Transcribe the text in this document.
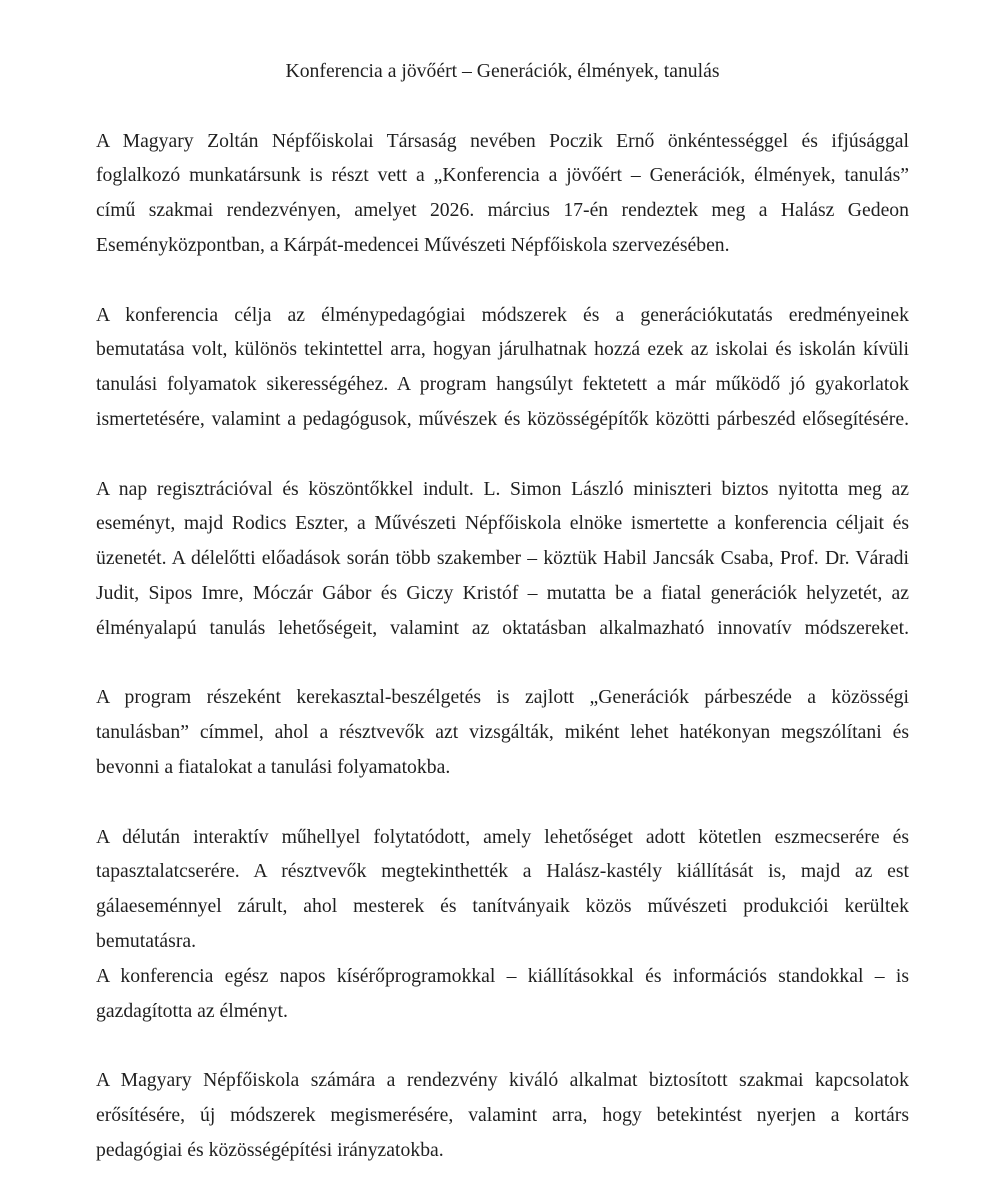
Konferencia a jövőért – Generációk, élmények, tanulás
A Magyary Zoltán Népfőiskolai Társaság nevében Poczik Ernő önkéntességgel és ifjúsággal
foglalkozó munkatársunk is részt vett a „Konferencia a jövőért – Generációk, élmények, tanulás”
című szakmai rendezvényen, amelyet 2026. március 17-én rendeztek meg a Halász Gedeon
Eseményközpontban, a Kárpát-medencei Művészeti Népfőiskola szervezésében.
A konferencia célja az élménypedagógiai módszerek és a generációkutatás eredményeinek
bemutatása volt, különös tekintettel arra, hogyan járulhatnak hozzá ezek az iskolai és iskolán kívüli
tanulási folyamatok sikerességéhez. A program hangsúlyt fektetett a már működő jó gyakorlatok
ismertetésére, valamint a pedagógusok, művészek és közösségépítők közötti párbeszéd elősegítésére.
A nap regisztrációval és köszöntőkkel indult. L. Simon László miniszteri biztos nyitotta meg az
eseményt, majd Rodics Eszter, a Művészeti Népfőiskola elnöke ismertette a konferencia céljait és
üzenetét. A délelőtti előadások során több szakember – köztük Habil Jancsák Csaba, Prof. Dr. Váradi
Judit, Sipos Imre, Móczár Gábor és Giczy Kristóf – mutatta be a fiatal generációk helyzetét, az
élményalapú tanulás lehetőségeit, valamint az oktatásban alkalmazható innovatív módszereket.
A program részeként kerekasztal-beszélgetés is zajlott „Generációk párbeszéde a közösségi
tanulásban” címmel, ahol a résztvevők azt vizsgálták, miként lehet hatékonyan megszólítani és
bevonni a fiatalokat a tanulási folyamatokba.
A délután interaktív műhellyel folytatódott, amely lehetőséget adott kötetlen eszmecserére és
tapasztalatcserére. A résztvevők megtekinthették a Halász-kastély kiállítását is, majd az est
gálaeseménnyel zárult, ahol mesterek és tanítványaik közös művészeti produkciói kerültek
bemutatásra.
A konferencia egész napos kísérőprogramokkal – kiállításokkal és információs standokkal – is
gazdagította az élményt.
A Magyary Népfőiskola számára a rendezvény kiváló alkalmat biztosított szakmai kapcsolatok
erősítésére, új módszerek megismerésére, valamint arra, hogy betekintést nyerjen a kortárs
pedagógiai és közösségépítési irányzatokba.
